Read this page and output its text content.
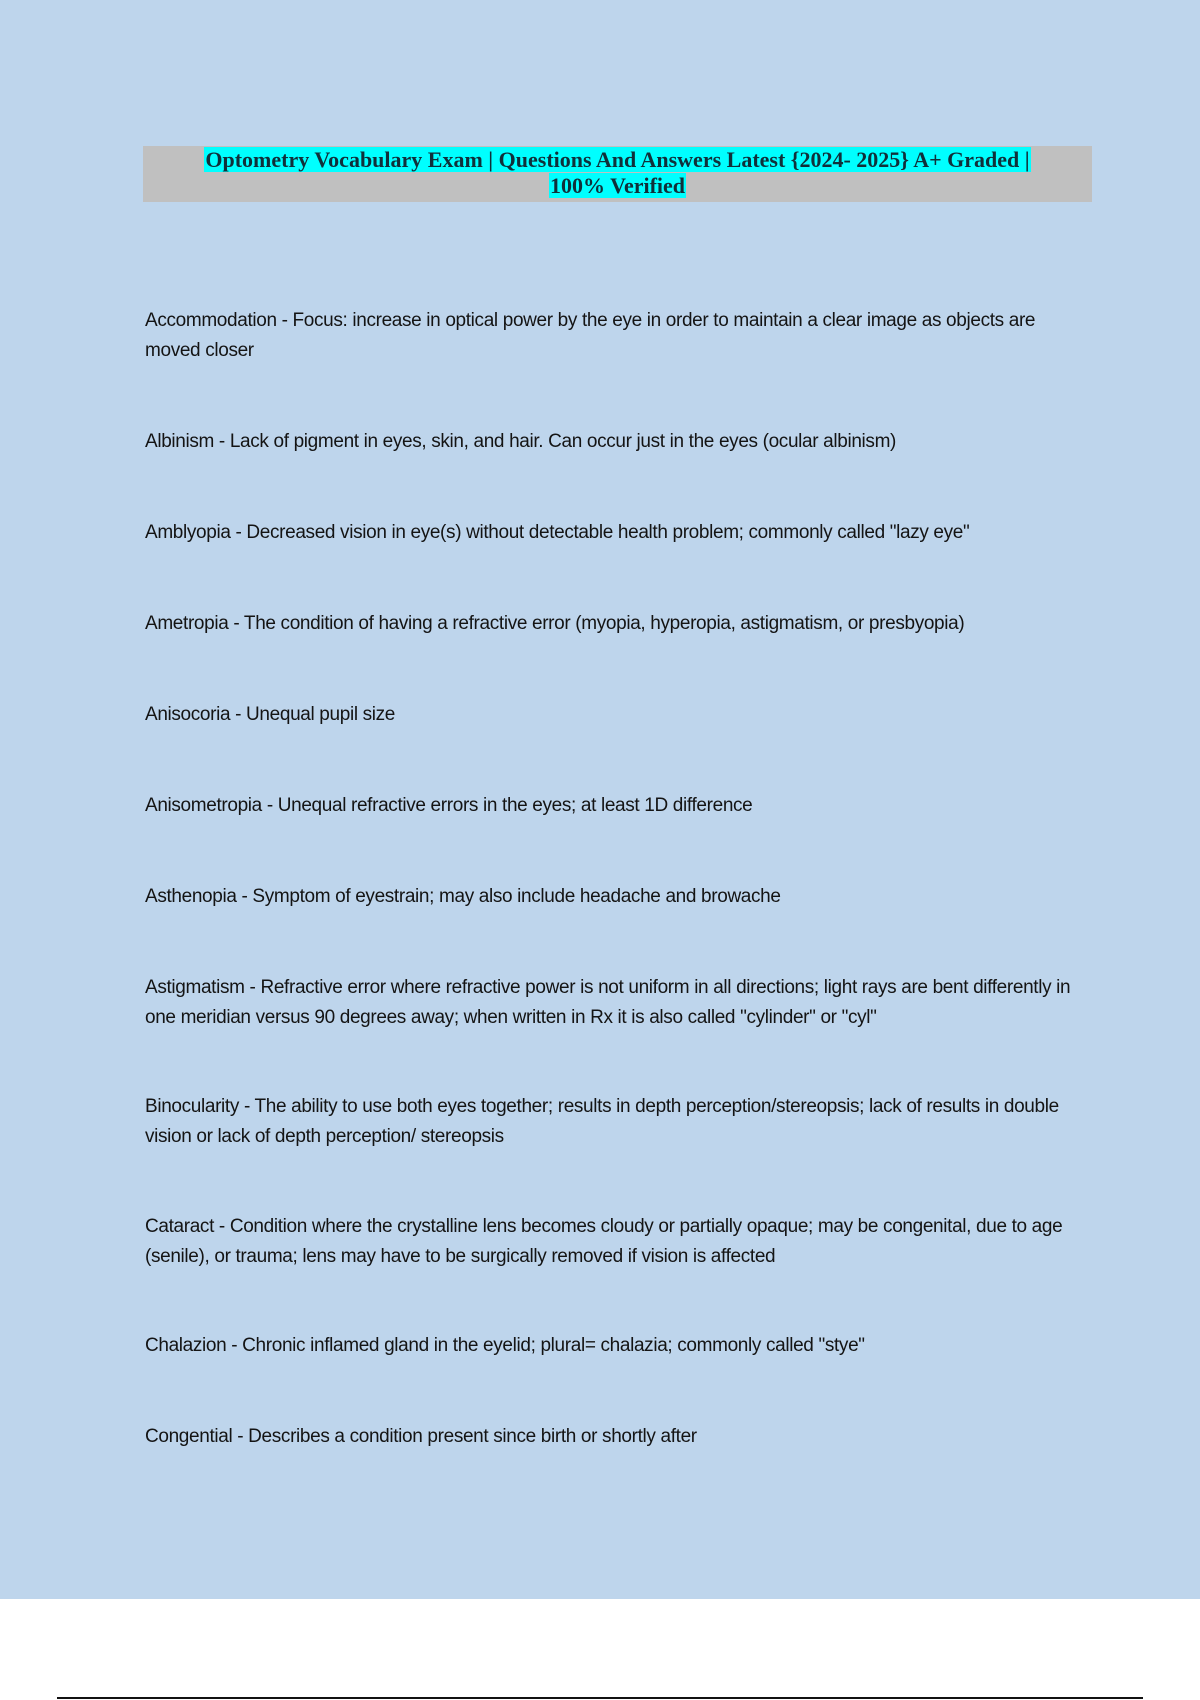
Optometry Vocabulary Exam | Questions And Answers Latest {2024- 2025} A+ Graded |
100% Verified

Accommodation - Focus: increase in optical power by the eye in order to maintain a clear image as objects are moved closer

Albinism - Lack of pigment in eyes, skin, and hair. Can occur just in the eyes (ocular albinism)

Amblyopia - Decreased vision in eye(s) without detectable health problem; commonly called "lazy eye"

Ametropia - The condition of having a refractive error (myopia, hyperopia, astigmatism, or presbyopia)

Anisocoria - Unequal pupil size

Anisometropia - Unequal refractive errors in the eyes; at least 1D difference

Asthenopia - Symptom of eyestrain; may also include headache and browache

Astigmatism - Refractive error where refractive power is not uniform in all directions; light rays are bent differently in one meridian versus 90 degrees away; when written in Rx it is also called "cylinder" or "cyl"

Binocularity - The ability to use both eyes together; results in depth perception/stereopsis; lack of results in double vision or lack of depth perception/ stereopsis

Cataract - Condition where the crystalline lens becomes cloudy or partially opaque; may be congenital, due to age (senile), or trauma; lens may have to be surgically removed if vision is affected

Chalazion - Chronic inflamed gland in the eyelid; plural= chalazia; commonly called "stye"

Congential - Describes a condition present since birth or shortly after
